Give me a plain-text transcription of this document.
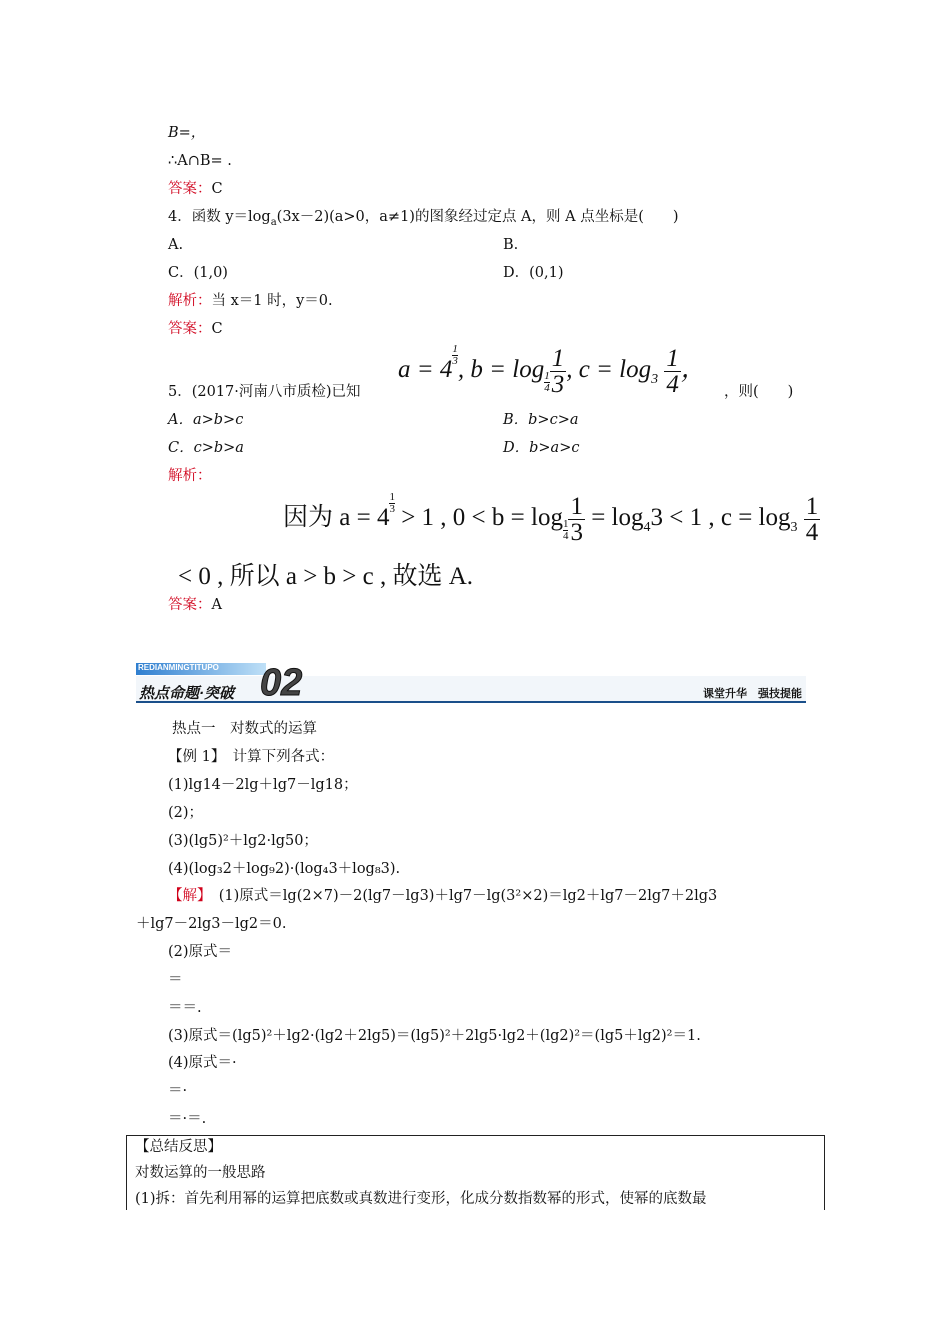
B=，
∴A∩B= .
答案：C
4．函数 $y=\log_a(3x-2)(a>0$，a≠1)的图象经过定点 A，则 A 点坐标是(　　)
A.	B.
C．(1,0)	D．(0,1)
解析：当 x＝1 时，y＝0.
答案：C
5．(2017·河南八市质检)已知
a = 4
$\frac{1}{3}$
, $b = \log \frac{1}{4} \frac{1}{3}$ , $c = \log_3 \frac{1}{4}$ ，
，则(　　)
A．a>b>c	B．b>c>a
C．c>b>a	D．b>a>c
解析：
因为 a = 4
$\frac{1}{3}$
> 1 , $0 < b = \log \frac{1}{4} \frac{1}{3} = \log_43 < 1$ , $c = \log_3 \frac{1}{4}$
< 0 , 所以 a > b > c , 故选 A.
答案：A
REDIANMINGTITUPO
热点命题·突破 02	课堂升华　强技提能
热点一　对数式的运算
【例 1】　计算下列各式：
(1)lg14－2lg＋lg7－lg18；
(2)；
(3)(lg5)²＋lg2·lg50；
(4)(log₃2＋log₉2)·(log₄3＋log₈3).
【解】　(1)原式＝lg(2×7)－2(lg7－lg3)＋lg7－lg(3²×2)＝lg2＋lg7－2lg7＋2lg3
＋lg7－2lg3－lg2＝0.
(2)原式＝
＝
＝＝.
(3)原式＝(lg5)²＋lg2·(lg2＋2lg5)＝(lg5)²＋2lg5·lg2＋(lg2)²＝(lg5＋lg2)²＝1.
(4)原式＝·
＝·
＝·＝.
【总结反思】
对数运算的一般思路
(1)拆：首先利用幂的运算把底数或真数进行变形，化成分数指数幂的形式，使幂的底数最
